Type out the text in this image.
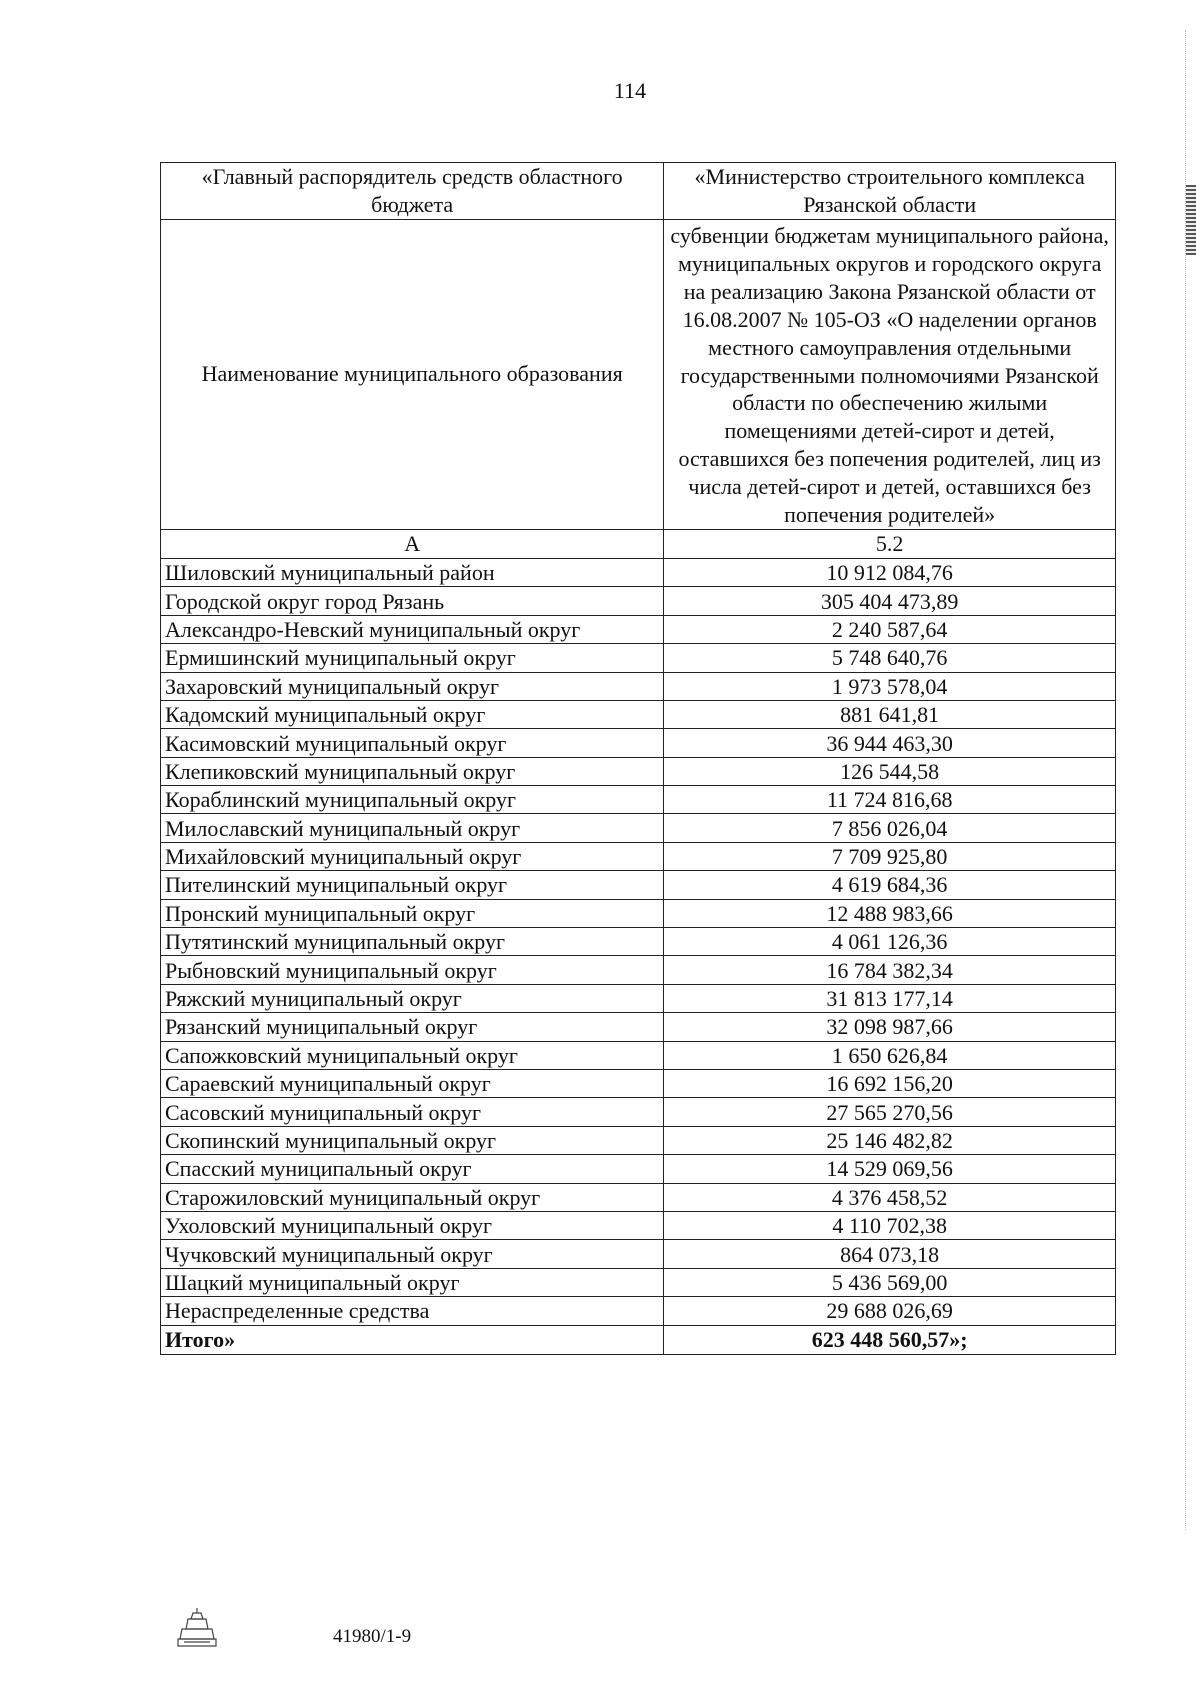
114
«Главный распорядитель средств областного бюджета	«Министерство строительного комплекса Рязанской области
Наименование муниципального образования	субвенции бюджетам муниципального района, муниципальных округов и городского округа на реализацию Закона Рязанской области от 16.08.2007 № 105-ОЗ «О наделении органов местного самоуправления отдельными государственными полномочиями Рязанской области по обеспечению жилыми помещениями детей-сирот и детей, оставшихся без попечения родителей, лиц из числа детей-сирот и детей, оставшихся без попечения родителей»
А	5.2
Шиловский муниципальный район	10 912 084,76
Городской округ город Рязань	305 404 473,89
Александро-Невский муниципальный округ	2 240 587,64
Ермишинский муниципальный округ	5 748 640,76
Захаровский муниципальный округ	1 973 578,04
Кадомский муниципальный округ	881 641,81
Касимовский муниципальный округ	36 944 463,30
Клепиковский муниципальный округ	126 544,58
Кораблинский муниципальный округ	11 724 816,68
Милославский муниципальный округ	7 856 026,04
Михайловский муниципальный округ	7 709 925,80
Пителинский муниципальный округ	4 619 684,36
Пронский муниципальный округ	12 488 983,66
Путятинский муниципальный округ	4 061 126,36
Рыбновский муниципальный округ	16 784 382,34
Ряжский муниципальный округ	31 813 177,14
Рязанский муниципальный округ	32 098 987,66
Сапожковский муниципальный округ	1 650 626,84
Сараевский муниципальный округ	16 692 156,20
Сасовский муниципальный округ	27 565 270,56
Скопинский муниципальный округ	25 146 482,82
Спасский муниципальный округ	14 529 069,56
Старожиловский муниципальный округ	4 376 458,52
Ухоловский муниципальный округ	4 110 702,38
Чучковский муниципальный округ	864 073,18
Шацкий муниципальный округ	5 436 569,00
Нераспределенные средства	29 688 026,69
Итого»	623 448 560,57»;
41980/1-9
